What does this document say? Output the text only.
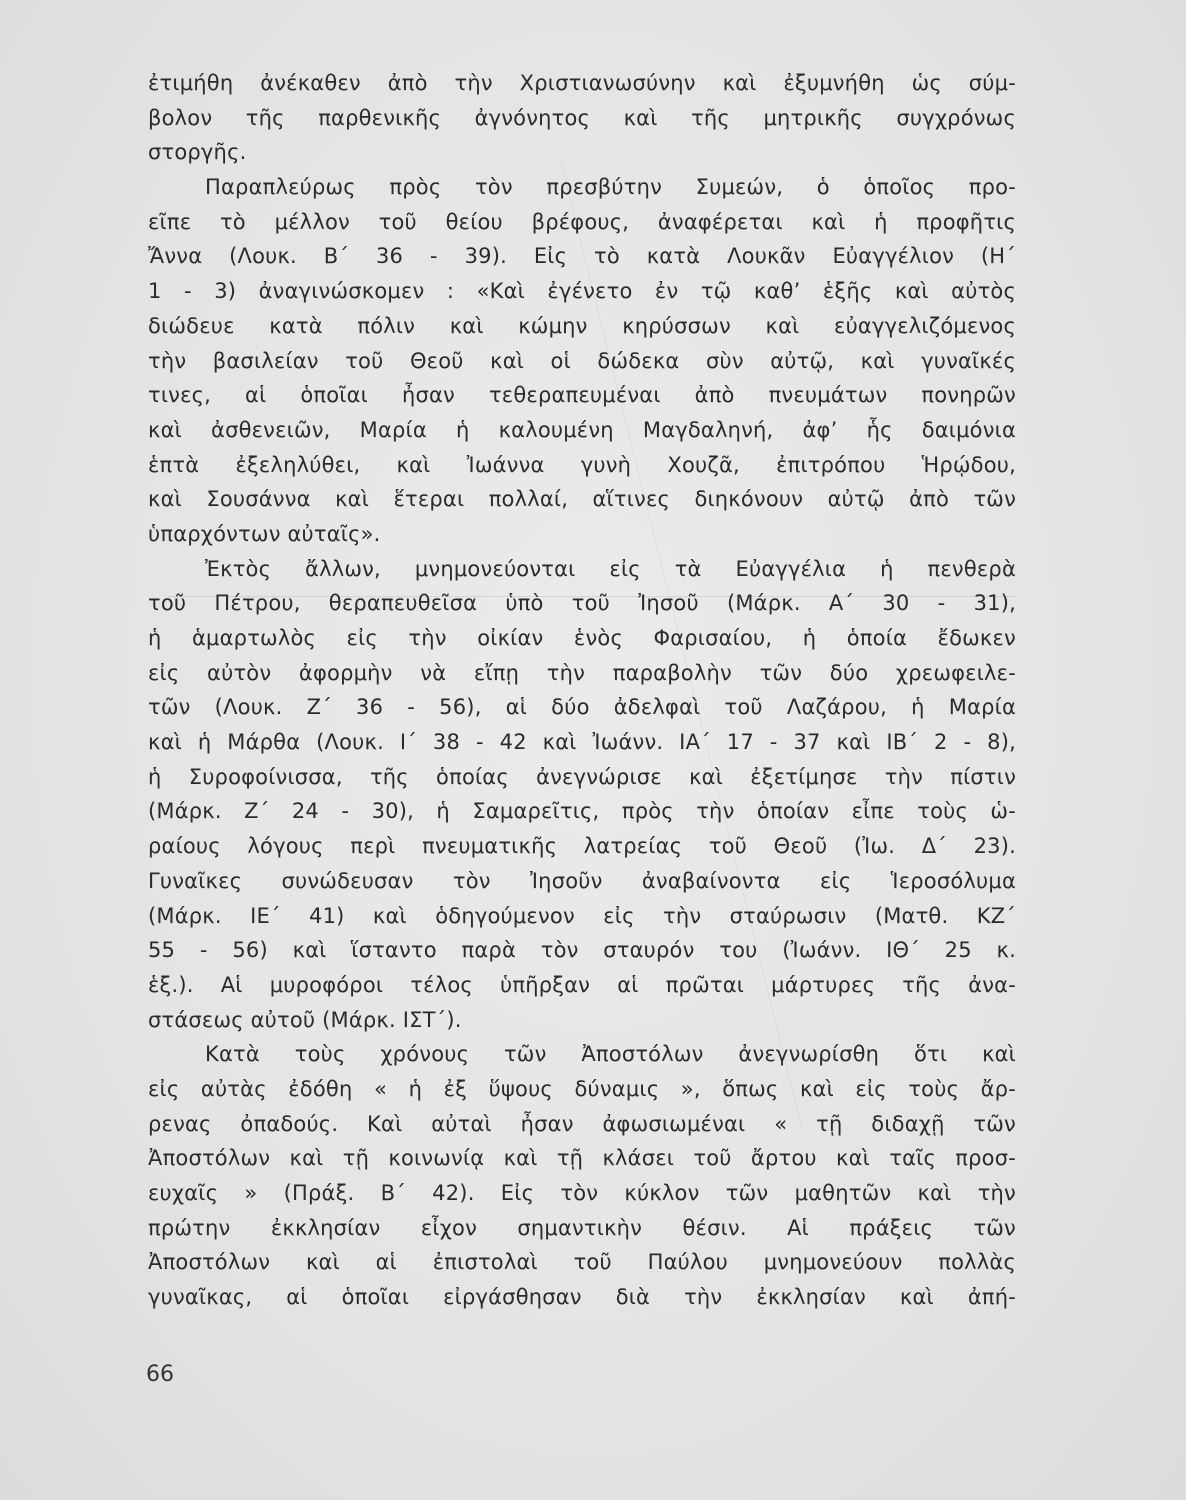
ἐτιμήθη ἀνέκαθεν ἀπὸ τὴν Χριστιανωσύνην καὶ ἐξυμνήθη ὡς σύμ-
βολον τῆς παρθενικῆς ἀγνόνητος καὶ τῆς μητρικῆς συγχρόνως
στοργῆς.
Παραπλεύρως πρὸς τὸν πρεσβύτην Συμεών, ὁ ὁποῖος προ-
εῖπε τὸ μέλλον τοῦ θείου βρέφους, ἀναφέρεται καὶ ἡ προφῆτις
Ἄννα (Λουκ. Β΄ 36 - 39). Εἰς τὸ κατὰ Λουκᾶν Εὐαγγέλιον (Η΄
1 - 3) ἀναγινώσκομεν : «Καὶ ἐγένετο ἐν τῷ καθ’ ἑξῆς καὶ αὐτὸς
διώδευε κατὰ πόλιν καὶ κώμην κηρύσσων καὶ εὐαγγελιζόμενος
τὴν βασιλείαν τοῦ Θεοῦ καὶ οἱ δώδεκα σὺν αὐτῷ, καὶ γυναῖκές
τινες, αἱ ὁποῖαι ἦσαν τεθεραπευμέναι ἀπὸ πνευμάτων πονηρῶν
καὶ ἀσθενειῶν, Μαρία ἡ καλουμένη Μαγδαληνή, ἀφ’ ἧς δαιμόνια
ἑπτὰ ἐξεληλύθει, καὶ Ἰωάννα γυνὴ Χουζᾶ, ἐπιτρόπου Ἡρῴδου,
καὶ Σουσάννα καὶ ἕτεραι πολλαί, αἵτινες διηκόνουν αὐτῷ ἀπὸ τῶν
ὑπαρχόντων αὐταῖς».
Ἐκτὸς ἄλλων, μνημονεύονται εἰς τὰ Εὐαγγέλια ἡ πενθερὰ
τοῦ Πέτρου, θεραπευθεῖσα ὑπὸ τοῦ Ἰησοῦ (Μάρκ. Α΄ 30 - 31),
ἡ ἁμαρτωλὸς εἰς τὴν οἰκίαν ἑνὸς Φαρισαίου, ἡ ὁποία ἔδωκεν
εἰς αὐτὸν ἀφορμὴν νὰ εἴπῃ τὴν παραβολὴν τῶν δύο χρεωφειλε-
τῶν (Λουκ. Ζ΄ 36 - 56), αἱ δύο ἀδελφαὶ τοῦ Λαζάρου, ἡ Μαρία
καὶ ἡ Μάρθα (Λουκ. Ι΄ 38 - 42 καὶ Ἰωάνν. ΙΑ΄ 17 - 37 καὶ ΙΒ΄ 2 - 8),
ἡ Συροφοίνισσα, τῆς ὁποίας ἀνεγνώρισε καὶ ἐξετίμησε τὴν πίστιν
(Μάρκ. Ζ΄ 24 - 30), ἡ Σαμαρεῖτις, πρὸς τὴν ὁποίαν εἶπε τοὺς ὡ-
ραίους λόγους περὶ πνευματικῆς λατρείας τοῦ Θεοῦ (Ἰω. Δ΄ 23).
Γυναῖκες συνώδευσαν τὸν Ἰησοῦν ἀναβαίνοντα εἰς Ἱεροσόλυμα
(Μάρκ. ΙΕ΄ 41) καὶ ὁδηγούμενον εἰς τὴν σταύρωσιν (Ματθ. ΚΖ΄
55 - 56) καὶ ἵσταντο παρὰ τὸν σταυρόν του (Ἰωάνν. ΙΘ΄ 25 κ.
ἑξ.). Αἱ μυροφόροι τέλος ὑπῆρξαν αἱ πρῶται μάρτυρες τῆς ἀνα-
στάσεως αὐτοῦ (Μάρκ. ΙΣΤ΄).
Κατὰ τοὺς χρόνους τῶν Ἀποστόλων ἀνεγνωρίσθη ὅτι καὶ
εἰς αὐτὰς ἐδόθη « ἡ ἐξ ὕψους δύναμις », ὅπως καὶ εἰς τοὺς ἄρ-
ρενας ὀπαδούς. Καὶ αὐταὶ ἦσαν ἀφωσιωμέναι « τῇ διδαχῇ τῶν
Ἀποστόλων καὶ τῇ κοινωνίᾳ καὶ τῇ κλάσει τοῦ ἄρτου καὶ ταῖς προσ-
ευχαῖς » (Πράξ. Β΄ 42). Εἰς τὸν κύκλον τῶν μαθητῶν καὶ τὴν
πρώτην ἐκκλησίαν εἶχον σημαντικὴν θέσιν. Αἱ πράξεις τῶν
Ἀποστόλων καὶ αἱ ἐπιστολαὶ τοῦ Παύλου μνημονεύουν πολλὰς
γυναῖκας, αἱ ὁποῖαι εἰργάσθησαν διὰ τὴν ἐκκλησίαν καὶ ἀπή-
66
